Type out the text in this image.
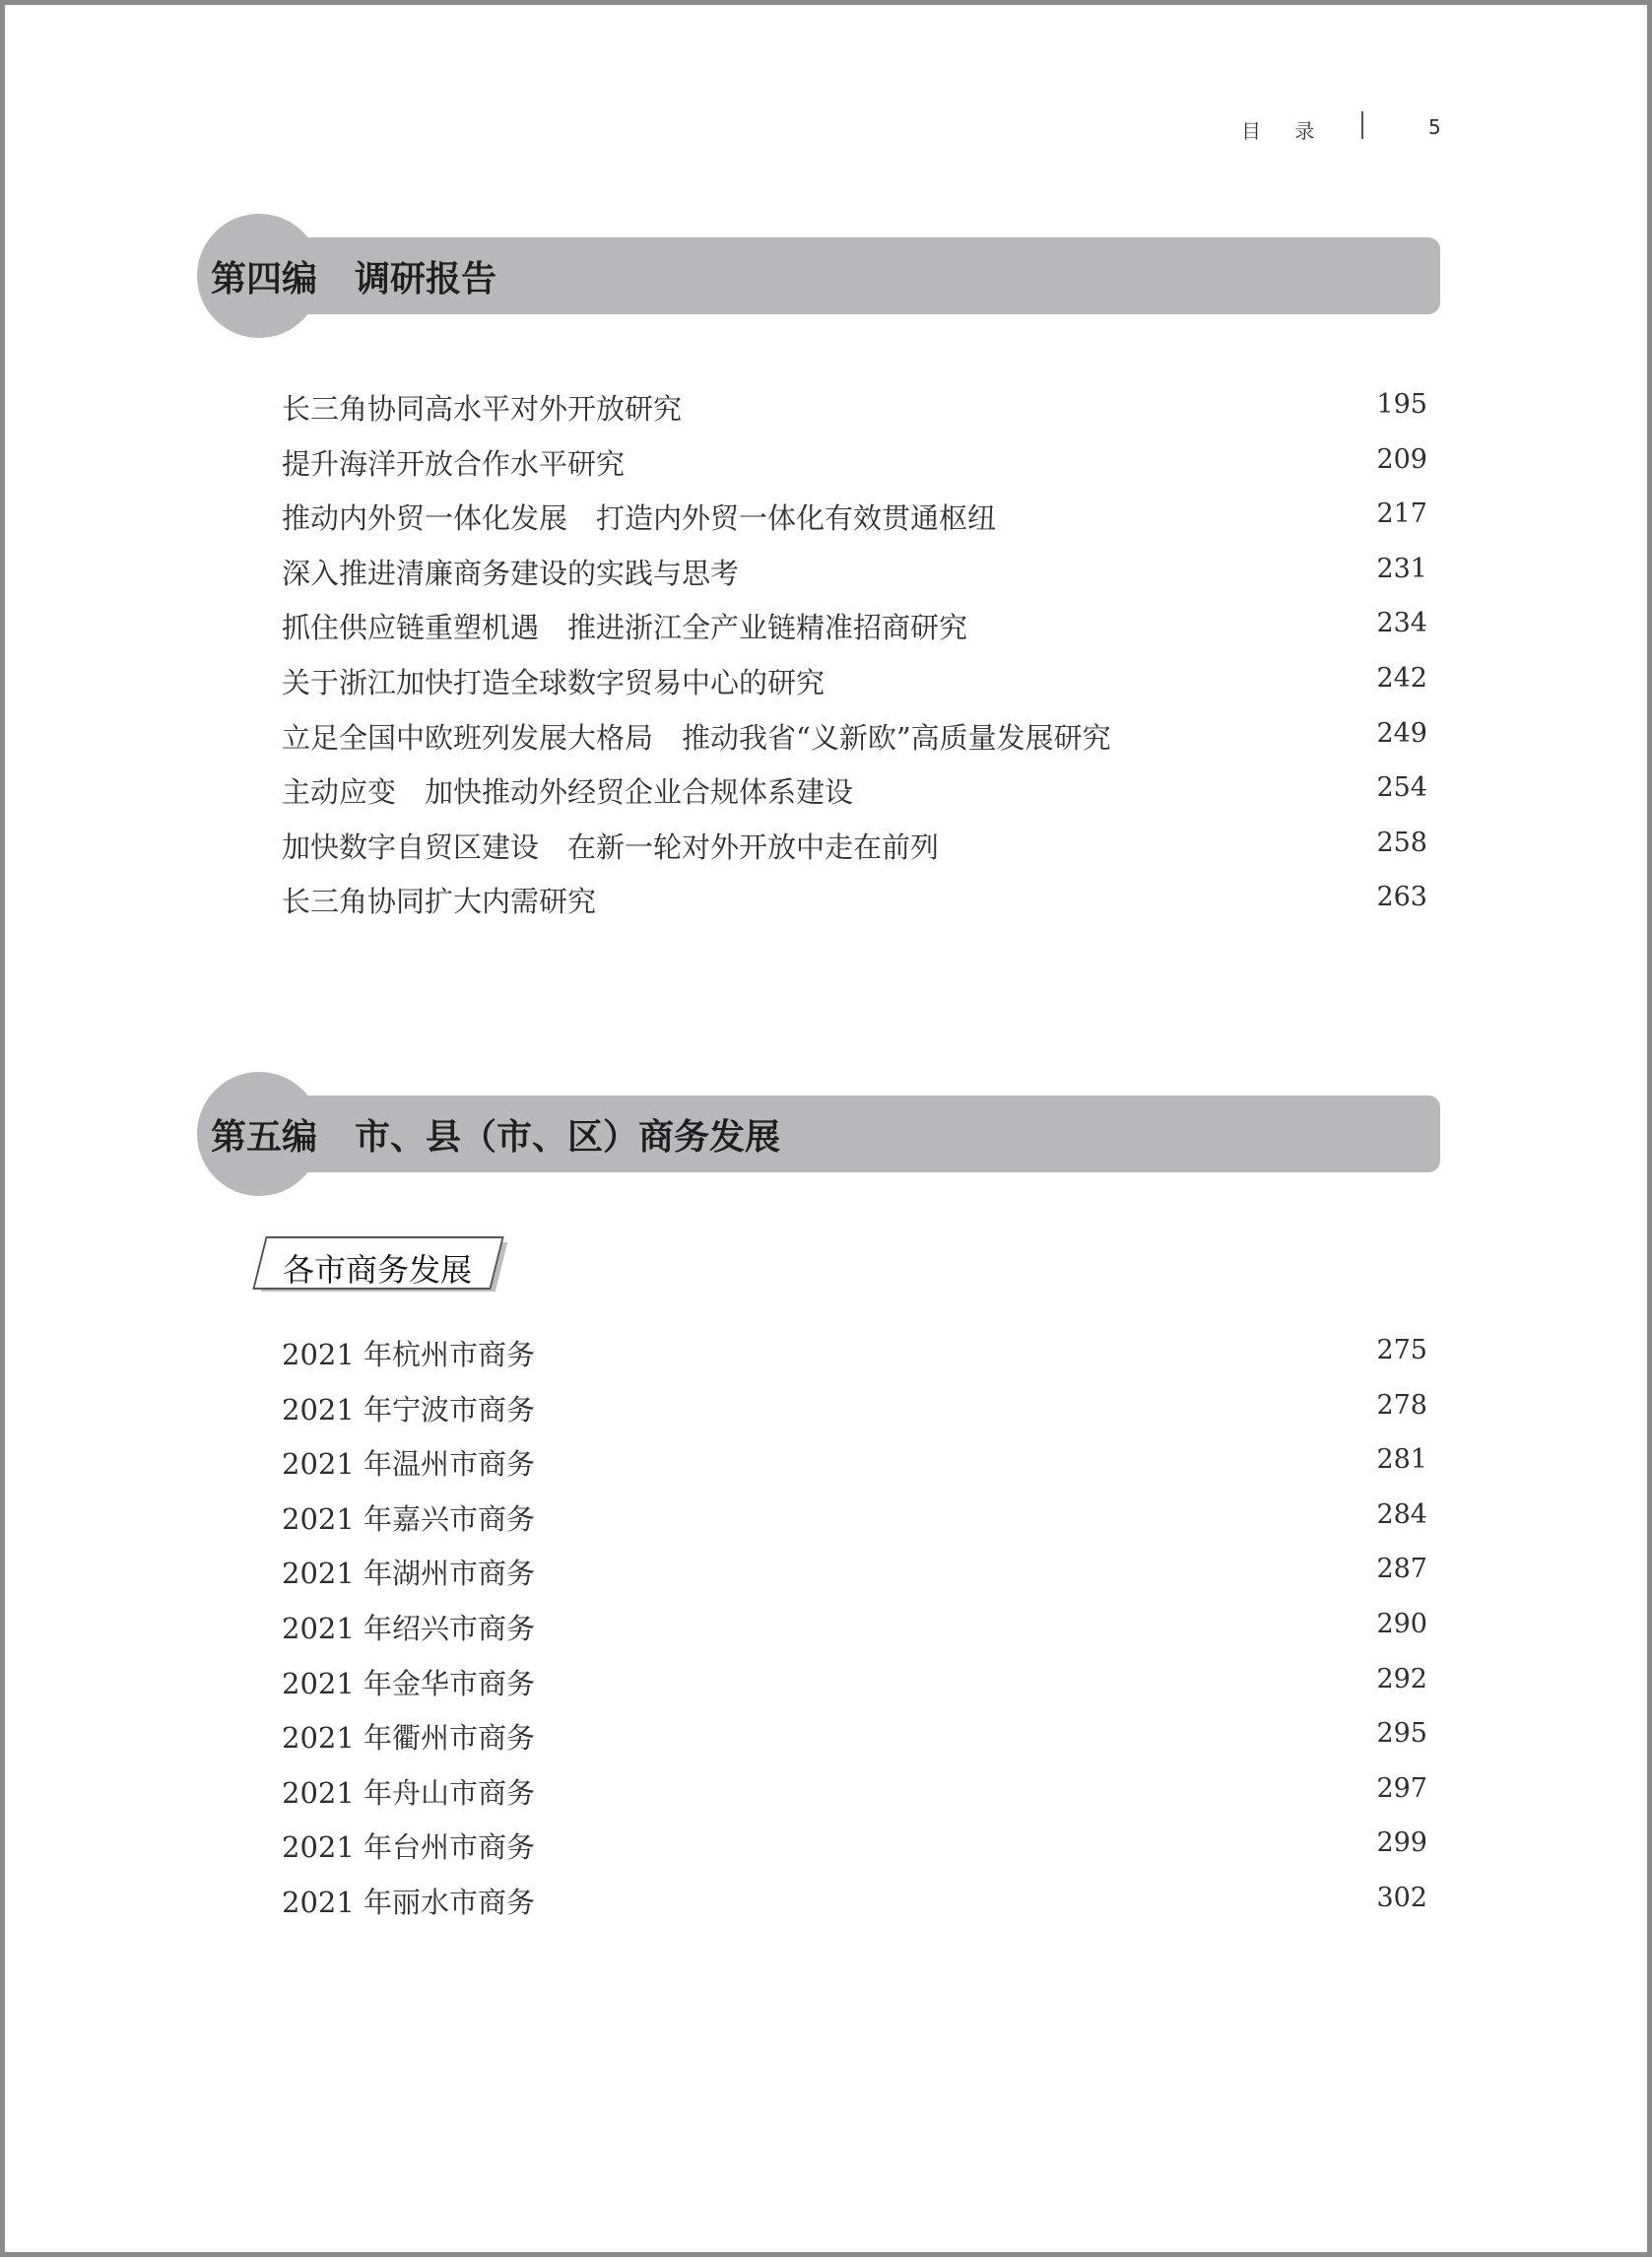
目 录	5
第四编 调研报告
长三角协同高水平对外开放研究	195
提升海洋开放合作水平研究	209
推动内外贸一体化发展　打造内外贸一体化有效贯通枢纽	217
深入推进清廉商务建设的实践与思考	231
抓住供应链重塑机遇　推进浙江全产业链精准招商研究	234
关于浙江加快打造全球数字贸易中心的研究	242
立足全国中欧班列发展大格局　推动我省“义新欧”高质量发展研究	249
主动应变　加快推动外经贸企业合规体系建设	254
加快数字自贸区建设　在新一轮对外开放中走在前列	258
长三角协同扩大内需研究	263
第五编 市、县（市、区）商务发展
各市商务发展
2021 年杭州市商务	275
2021 年宁波市商务	278
2021 年温州市商务	281
2021 年嘉兴市商务	284
2021 年湖州市商务	287
2021 年绍兴市商务	290
2021 年金华市商务	292
2021 年衢州市商务	295
2021 年舟山市商务	297
2021 年台州市商务	299
2021 年丽水市商务	302
